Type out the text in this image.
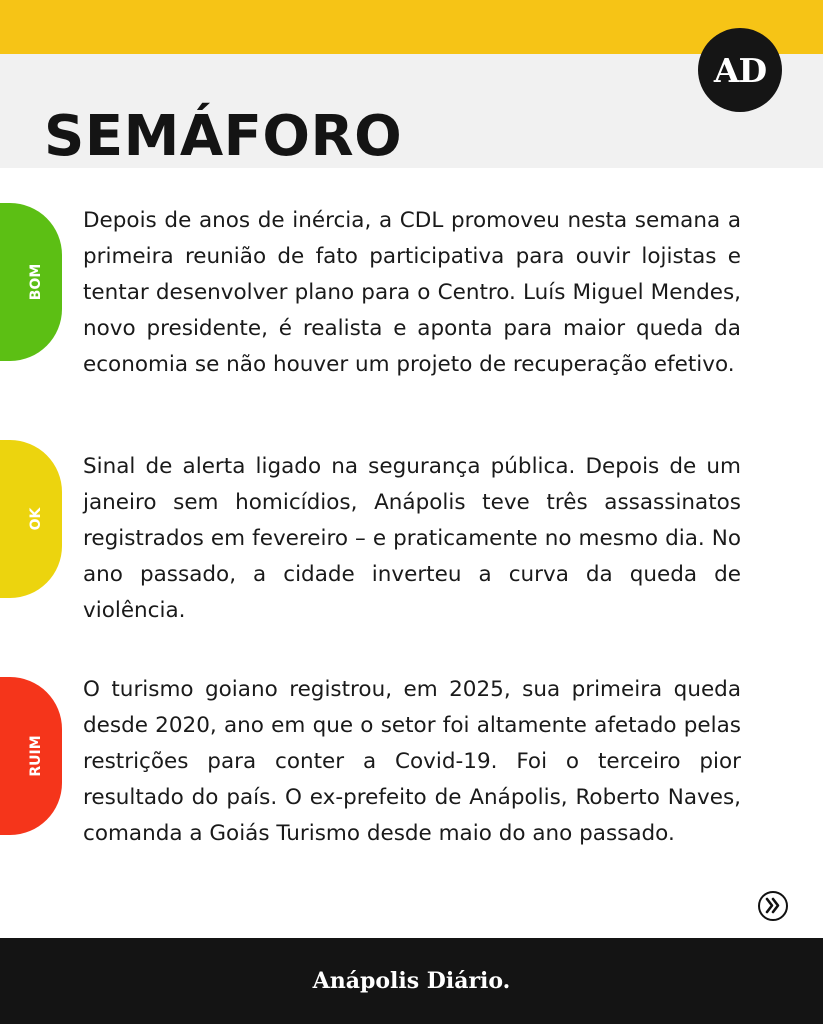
SEMÁFORO
AD
BOM

Depois de anos de inércia, a CDL promoveu nesta semana a primeira reunião de fato participativa para ouvir lojistas e tentar desenvolver plano para o Centro. Luís Miguel Mendes, novo presidente, é realista e aponta para maior queda da economia se não houver um projeto de recuperação efetivo.

OK

Sinal de alerta ligado na segurança pública. Depois de um janeiro sem homicídios, Anápolis teve três assassinatos registrados em fevereiro – e praticamente no mesmo dia. No ano passado, a cidade inverteu a curva da queda de violência.

RUIM

O turismo goiano registrou, em 2025, sua primeira queda desde 2020, ano em que o setor foi altamente afetado pelas restrições para conter a Covid-19. Foi o terceiro pior resultado do país. O ex-prefeito de Anápolis, Roberto Naves, comanda a Goiás Turismo desde maio do ano passado.

Anápolis Diário.
